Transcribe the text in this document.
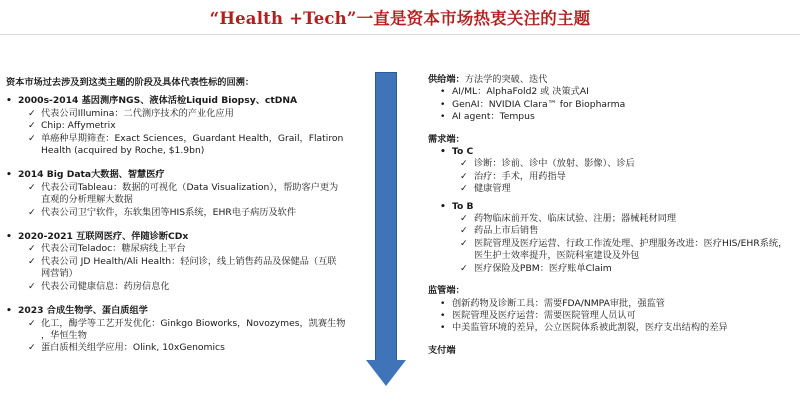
“Health +Tech”一直是资本市场热衷关注的主题
资本市场过去涉及到这类主题的阶段及具体代表性标的回溯：
• 2000s-2014 基因测序NGS、液体活检Liquid Biopsy、ctDNA
✓ 代表公司Illumina：二代测序技术的产业化应用
✓ Chip: Affymetrix
✓ 单癌种早期筛查：Exact Sciences，Guardant Health，Grail，Flatiron
Health (acquired by Roche, $1.9bn)
• 2014 Big Data大数据、智慧医疗
✓ 代表公司Tableau：数据的可视化（Data Visualization），帮助客户更为
直观的分析理解大数据
✓ 代表公司卫宁软件，东软集团等HIS系统，EHR电子病历及软件
• 2020-2021 互联网医疗、伴随诊断CDx
✓ 代表公司Teladoc：糖尿病线上平台
✓ 代表公司 JD Health/Ali Health：轻问诊，线上销售药品及保健品（互联
网营销）
✓ 代表公司健康信息：药房信息化
• 2023 合成生物学、蛋白质组学
✓ 化工，酶学等工艺开发优化：Ginkgo Bioworks，Novozymes，凯赛生物
，华恒生物
✓ 蛋白质相关组学应用：Olink, 10xGenomics
供给端：方法学的突破、迭代
• AI/ML：AlphaFold2 或 决策式AI
• GenAI：NVIDIA Clara™ for Biopharma
• AI agent：Tempus
需求端：
• To C
✓ 诊断：诊前、诊中（放射、影像）、诊后
✓ 治疗：手术，用药指导
✓ 健康管理
• To B
✓ 药物临床前开发、临床试验、注册；器械耗材同理
✓ 药品上市后销售
✓ 医院管理及医疗运营、行政工作流处理、护理服务改进：医疗HIS/EHR系统，
医生护士效率提升，医院科室建设及外包
✓ 医疗保险及PBM：医疗账单Claim
监管端：
• 创新药物及诊断工具：需要FDA/NMPA审批，强监管
• 医院管理及医疗运营：需要医院管理人员认可
• 中美监管环境的差异，公立医院体系被此割裂，医疗支出结构的差异
支付端
